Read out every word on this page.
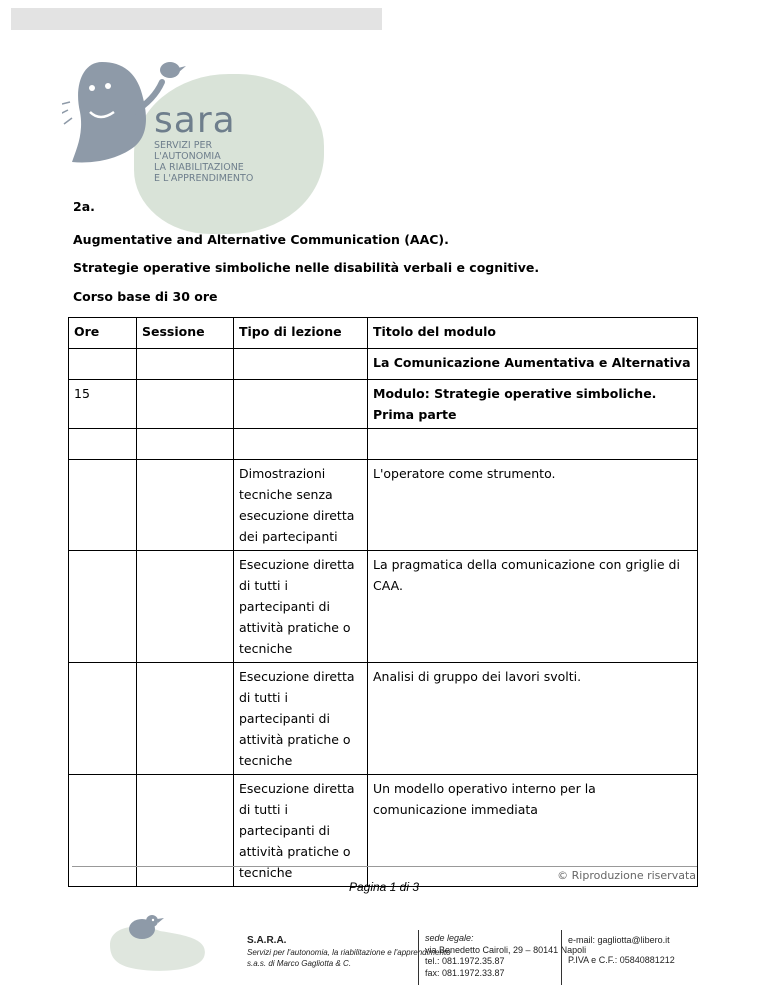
sara
SERVIZI PER
L'AUTONOMIA
LA RIABILITAZIONE
E L'APPRENDIMENTO
2a.
Augmentative and Alternative Communication (AAC).
Strategie operative simboliche nelle disabilità verbali e cognitive.
Corso base di 30 ore
Ore	Sessione	Tipo di lezione	Titolo del modulo
			La Comunicazione Aumentativa e Alternativa
15			Modulo: Strategie operative simboliche. Prima parte

		Dimostrazioni tecniche senza esecuzione diretta dei partecipanti	L'operatore come strumento.
		Esecuzione diretta di tutti i partecipanti di attività pratiche o tecniche	La pragmatica della comunicazione con griglie di CAA.
		Esecuzione diretta di tutti i partecipanti di attività pratiche o tecniche	Analisi di gruppo dei lavori svolti.
		Esecuzione diretta di tutti i partecipanti di attività pratiche o tecniche	Un modello operativo interno per la comunicazione immediata
© Riproduzione riservata
Pagina 1 di 3
S.A.R.A.
Servizi per l'autonomia, la riabilitazione e l'apprendimento
s.a.s. di Marco Gagliotta & C.
sede legale:
via Benedetto Cairoli, 29 – 80141 Napoli
tel.: 081.1972.35.87
fax: 081.1972.33.87
e-mail: gagliotta@libero.it
P.IVA e C.F.: 05840881212
